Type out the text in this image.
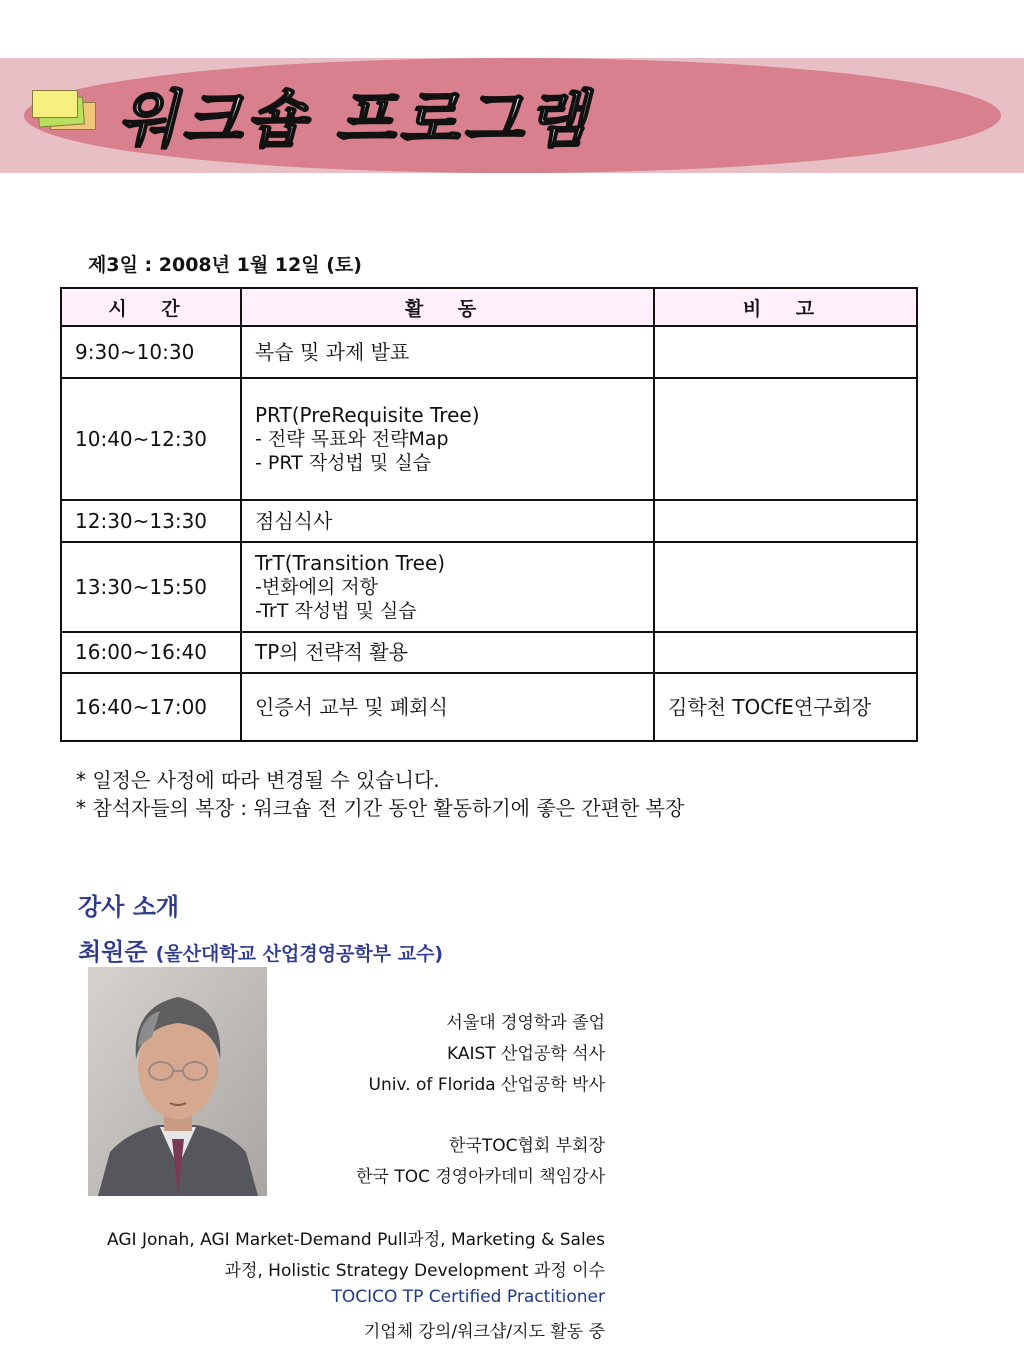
워크숍 프로그램
제3일 : 2008년 1월 12일 (토)
시 간	활 동	비 고
9:30~10:30	복습 및 과제 발표	
10:40~12:30	PRT(PreRequisite Tree)
- 전략 목표와 전략Map
- PRT 작성법 및 실습	

12:30~13:30	점심식사	
13:30~15:50	TrT(Transition Tree)
-변화에의 저항
-TrT 작성법 및 실습	

16:00~16:40	TP의 전략적 활용	
16:40~17:00	인증서 교부 및 폐회식	김학천 TOCfE연구회장
* 일정은 사정에 따라 변경될 수 있습니다.
* 참석자들의 복장 : 워크숍 전 기간 동안 활동하기에 좋은 간편한 복장
강사 소개
최원준 (울산대학교 산업경영공학부 교수)
서울대 경영학과 졸업
KAIST 산업공학 석사
Univ. of Florida 산업공학 박사
한국TOC협회 부회장
한국 TOC 경영아카데미 책임강사
AGI Jonah, AGI Market-Demand Pull과정, Marketing & Sales
과정, Holistic Strategy Development 과정 이수
TOCICO TP Certified Practitioner
기업체 강의/워크샵/지도 활동 중
